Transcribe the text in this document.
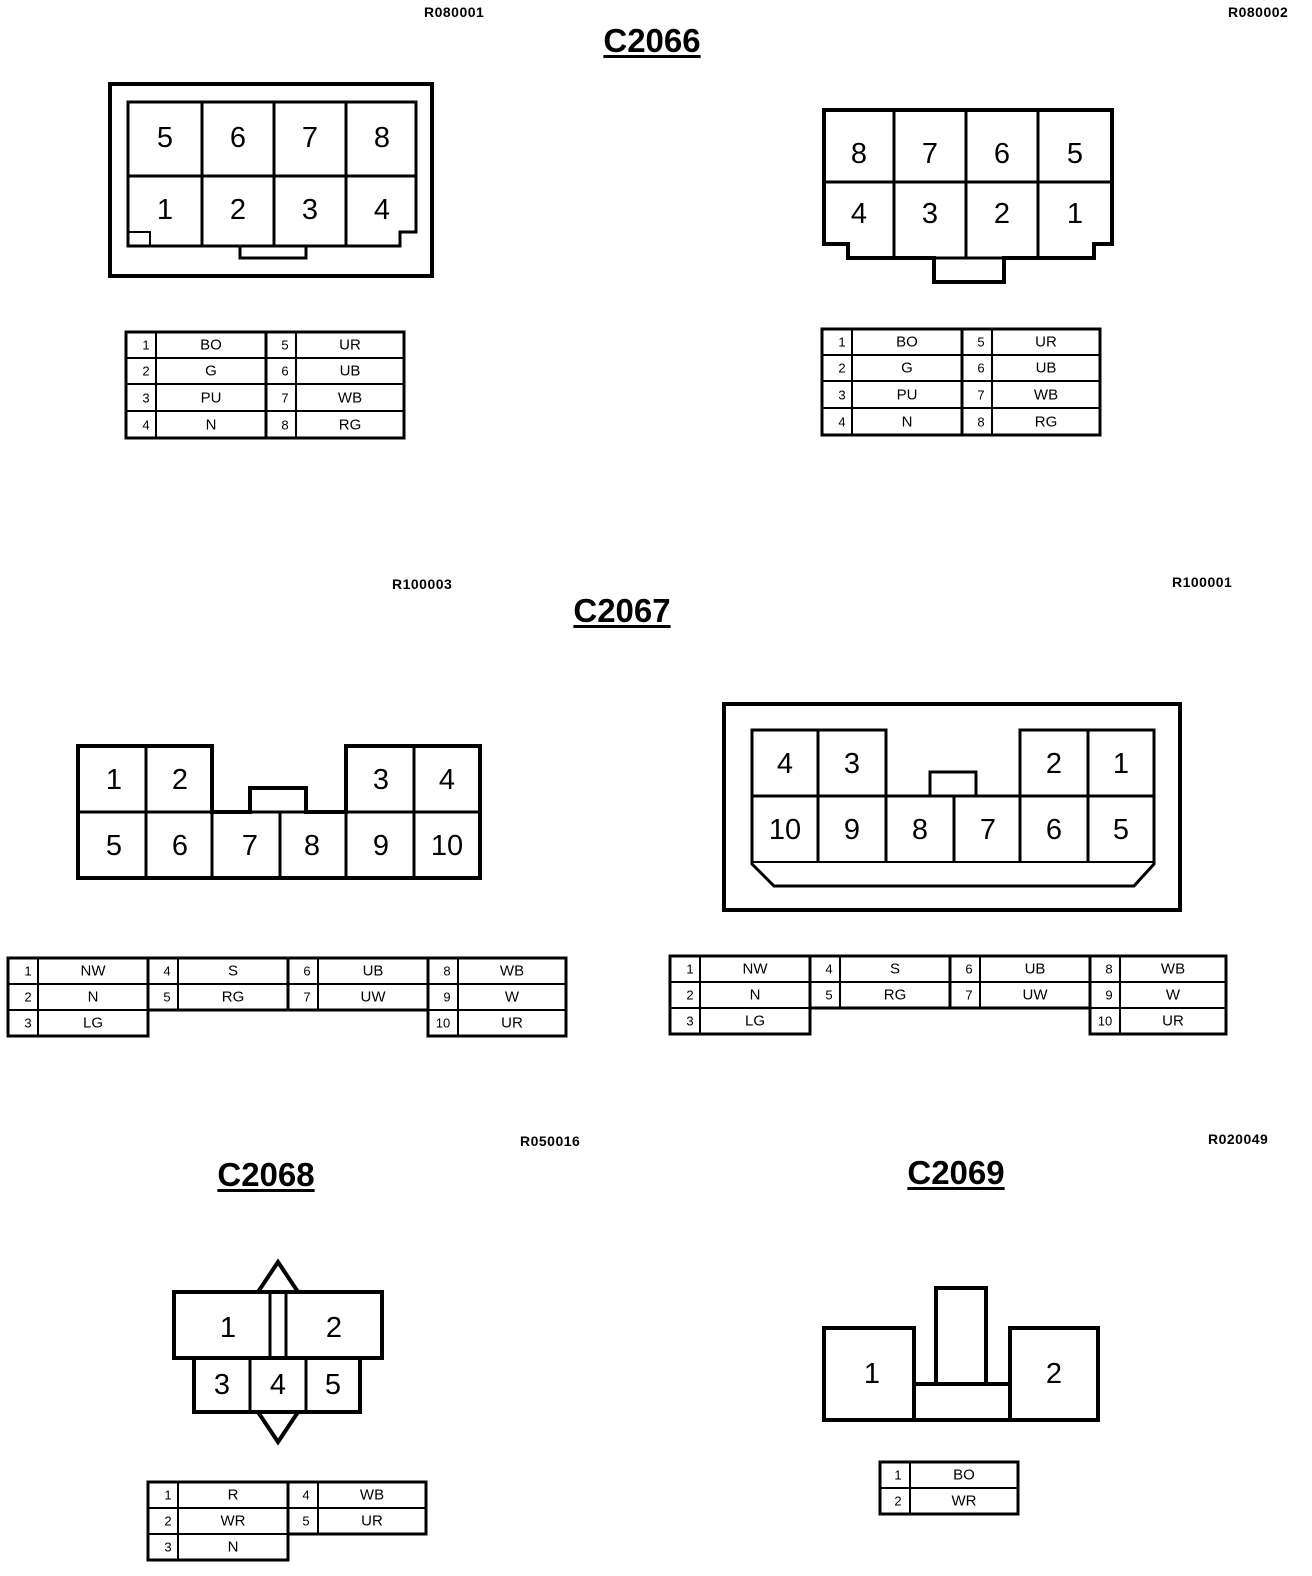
R080001	R080002
C2066
R100003	R100001
C2067
R050016	R020049
C2068	C2069
5 6 7 8
1 2 3 4
8 7 6 5
4 3 2 1
1 2	3 4
5 6 7 8 9 10
4 3	2 1
10 9 8 7 6 5
1	2
3 4 5	1	2
1	BO
2	G
3	PU
4	N
5	UR
6	UB
7	WB
8	RG
1	BO
2	G
3	PU
4	N
5	UR
6	UB
7	WB
8	RG
1	NW
2	N
3	LG
4	S
5	RG
6	UB
7	UW
8	WB
9	W
10	UR
1	NW
2	N
3	LG
4	S
5	RG
6	UB
7	UW
8	WB
9	W
10	UR
1	R
2	WR
3	N
4	WB
5	UR
1	BO
2	WR
